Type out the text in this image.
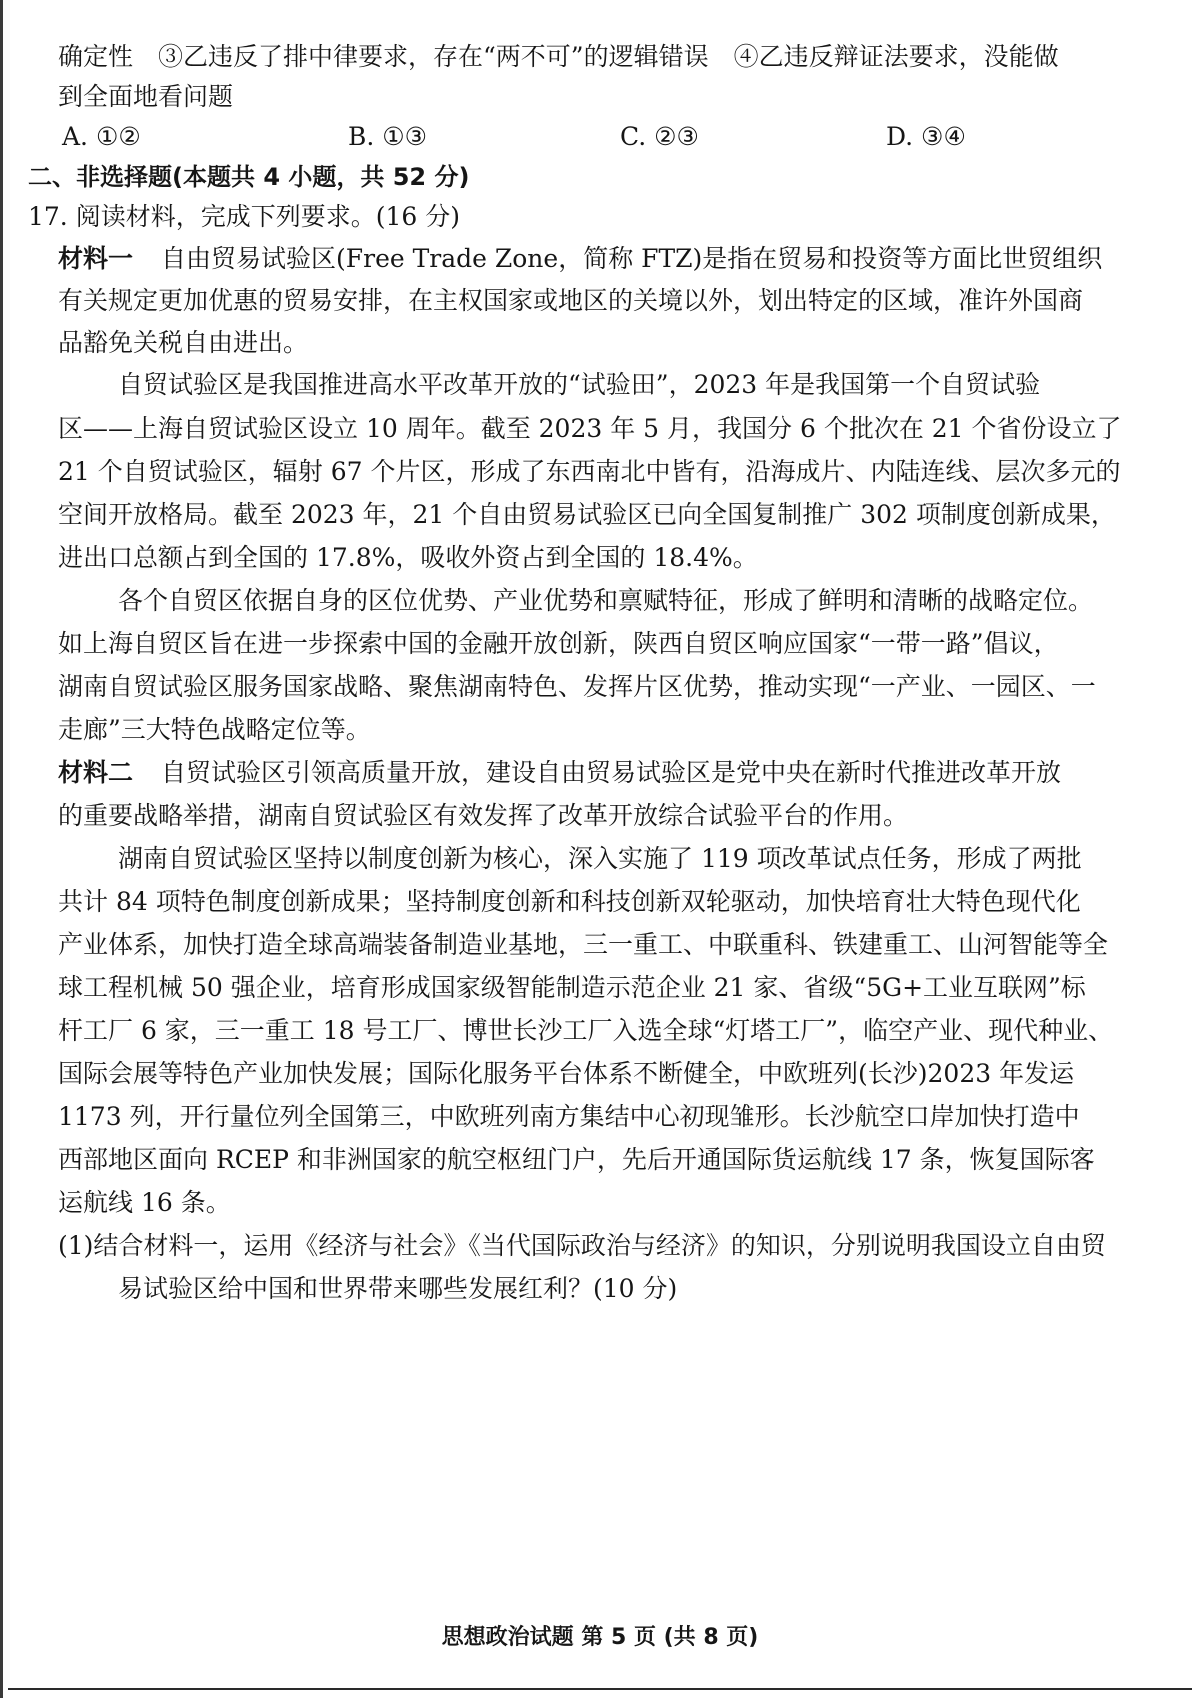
确定性　③乙违反了排中律要求，存在“两不可”的逻辑错误　④乙违反辩证法要求，没能做
到全面地看问题
A. ①②	B. ①③	C. ②③	D. ③④
二、非选择题(本题共 4 小题，共 52 分)
17. 阅读材料，完成下列要求。(16 分)
材料一 自由贸易试验区(Free Trade Zone，简称 FTZ)是指在贸易和投资等方面比世贸组织
有关规定更加优惠的贸易安排，在主权国家或地区的关境以外，划出特定的区域，准许外国商
品豁免关税自由进出。
自贸试验区是我国推进高水平改革开放的“试验田”，2023 年是我国第一个自贸试验
区——上海自贸试验区设立 10 周年。截至 2023 年 5 月，我国分 6 个批次在 21 个省份设立了
21 个自贸试验区，辐射 67 个片区，形成了东西南北中皆有，沿海成片、内陆连线、层次多元的
空间开放格局。截至 2023 年，21 个自由贸易试验区已向全国复制推广 302 项制度创新成果，
进出口总额占到全国的 17.8%，吸收外资占到全国的 18.4%。
各个自贸区依据自身的区位优势、产业优势和禀赋特征，形成了鲜明和清晰的战略定位。
如上海自贸区旨在进一步探索中国的金融开放创新，陕西自贸区响应国家“一带一路”倡议，
湖南自贸试验区服务国家战略、聚焦湖南特色、发挥片区优势，推动实现“一产业、一园区、一
走廊”三大特色战略定位等。
材料二 自贸试验区引领高质量开放，建设自由贸易试验区是党中央在新时代推进改革开放
的重要战略举措，湖南自贸试验区有效发挥了改革开放综合试验平台的作用。
湖南自贸试验区坚持以制度创新为核心，深入实施了 119 项改革试点任务，形成了两批
共计 84 项特色制度创新成果；坚持制度创新和科技创新双轮驱动，加快培育壮大特色现代化
产业体系，加快打造全球高端装备制造业基地，三一重工、中联重科、铁建重工、山河智能等全
球工程机械 50 强企业，培育形成国家级智能制造示范企业 21 家、省级“5G+工业互联网”标
杆工厂 6 家，三一重工 18 号工厂、博世长沙工厂入选全球“灯塔工厂”，临空产业、现代种业、
国际会展等特色产业加快发展；国际化服务平台体系不断健全，中欧班列(长沙)2023 年发运
1173 列，开行量位列全国第三，中欧班列南方集结中心初现雏形。长沙航空口岸加快打造中
西部地区面向 RCEP 和非洲国家的航空枢纽门户，先后开通国际货运航线 17 条，恢复国际客
运航线 16 条。
(1)结合材料一，运用《经济与社会》《当代国际政治与经济》的知识，分别说明我国设立自由贸
易试验区给中国和世界带来哪些发展红利？(10 分)
思想政治试题 第 5 页 (共 8 页)
